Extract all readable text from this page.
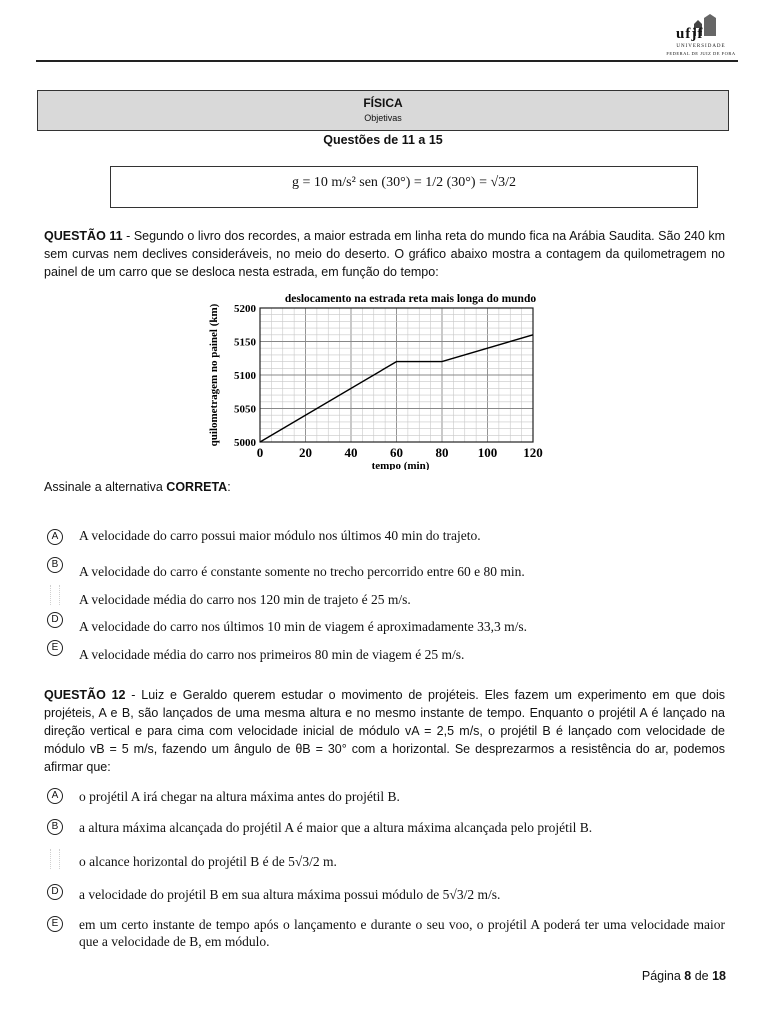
ufjf
UNIVERSIDADE
FEDERAL DE JUIZ DE FORA
FÍSICA
Objetivas
Questões de 11 a 15
g = 10 m/s² sen (30°) = 1/2 (30°) = √3/2
QUESTÃO 11 - Segundo o livro dos recordes, a maior estrada em linha reta do mundo fica na Arábia Saudita. São 240 km sem curvas nem declives consideráveis, no meio do deserto. O gráfico abaixo mostra a contagem da quilometragem no painel de um carro que se desloca nesta estrada, em função do tempo:
0	20	40	60	80 100 120
5000
5050
5100
5150
5200
deslocamento na estrada reta mais longa do mundo
tempo (min)
quilometragem no painel (km)
Assinale a alternativa CORRETA:
A	A velocidade do carro possui maior módulo nos últimos 40 min do trajeto.
B	A velocidade do carro é constante somente no trecho percorrido entre 60 e 80 min.
A velocidade média do carro nos 120 min de trajeto é 25 m/s.
D	A velocidade do carro nos últimos 10 min de viagem é aproximadamente 33,3 m/s.
E	A velocidade média do carro nos primeiros 80 min de viagem é 25 m/s.
QUESTÃO 12 - Luiz e Geraldo querem estudar o movimento de projéteis. Eles fazem um experimento em que dois projéteis, A e B, são lançados de uma mesma altura e no mesmo instante de tempo. Enquanto o projétil A é lançado na direção vertical e para cima com velocidade inicial de módulo vA = 2,5 m/s, o projétil B é lançado com velocidade de módulo vB = 5 m/s, fazendo um ângulo de θB = 30° com a horizontal. Se desprezarmos a resistência do ar, podemos afirmar que:
A	o projétil A irá chegar na altura máxima antes do projétil B.
B	a altura máxima alcançada do projétil A é maior que a altura máxima alcançada pelo projétil B.
o alcance horizontal do projétil B é de 5√3/2 m.
D	a velocidade do projétil B em sua altura máxima possui módulo de 5√3/2 m/s.
E	em um certo instante de tempo após o lançamento e durante o seu voo, o projétil A poderá ter uma velocidade maior que a velocidade de B, em módulo.
Página 8 de 18
